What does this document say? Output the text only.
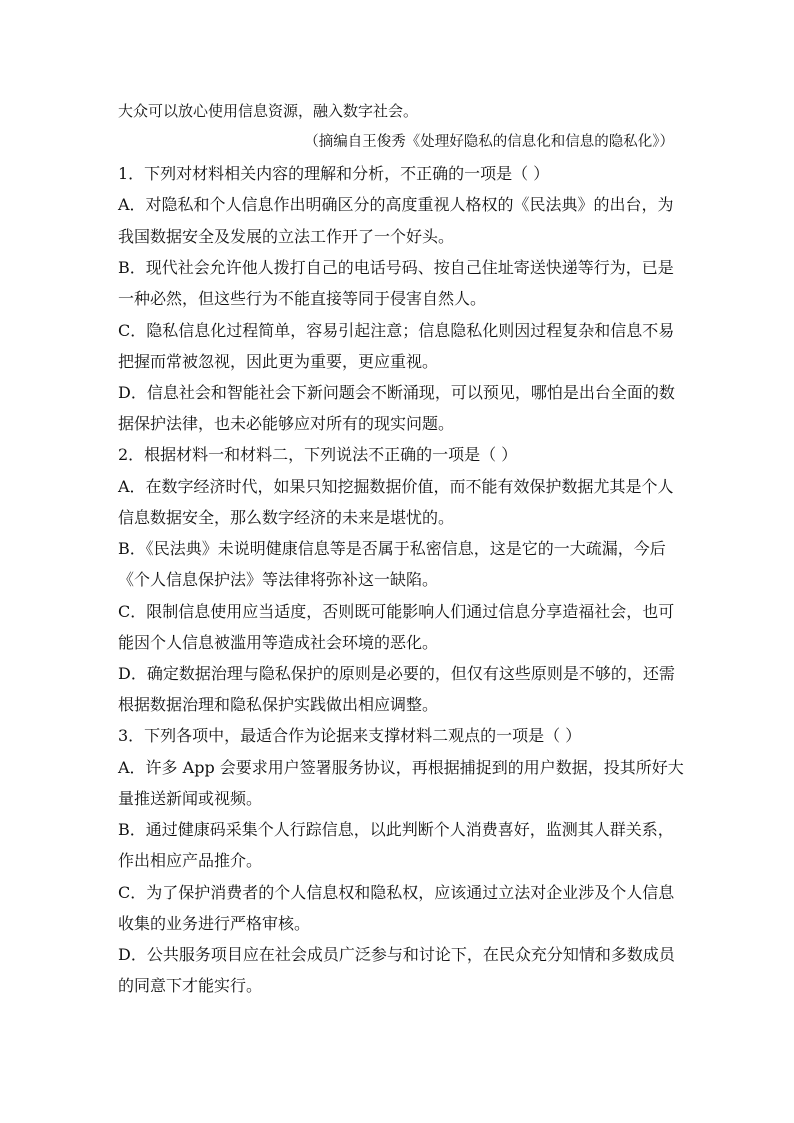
大众可以放心使用信息资源，融入数字社会。
（摘编自王俊秀《处理好隐私的信息化和信息的隐私化》）
1．下列对材料相关内容的理解和分析，不正确的一项是（ ）
A．对隐私和个人信息作出明确区分的高度重视人格权的《民法典》的出台，为
我国数据安全及发展的立法工作开了一个好头。
B．现代社会允许他人拨打自己的电话号码、按自己住址寄送快递等行为，已是
一种必然，但这些行为不能直接等同于侵害自然人。
C．隐私信息化过程简单，容易引起注意；信息隐私化则因过程复杂和信息不易
把握而常被忽视，因此更为重要，更应重视。
D．信息社会和智能社会下新问题会不断涌现，可以预见，哪怕是出台全面的数
据保护法律，也未必能够应对所有的现实问题。
2．根据材料一和材料二，下列说法不正确的一项是（ ）
A．在数字经济时代，如果只知挖掘数据价值，而不能有效保护数据尤其是个人
信息数据安全，那么数字经济的未来是堪忧的。
B．《民法典》未说明健康信息等是否属于私密信息，这是它的一大疏漏，今后
《个人信息保护法》等法律将弥补这一缺陷。
C．限制信息使用应当适度，否则既可能影响人们通过信息分享造福社会，也可
能因个人信息被滥用等造成社会环境的恶化。
D．确定数据治理与隐私保护的原则是必要的，但仅有这些原则是不够的，还需
根据数据治理和隐私保护实践做出相应调整。
3．下列各项中，最适合作为论据来支撑材料二观点的一项是（ ）
A．许多 App 会要求用户签署服务协议，再根据捕捉到的用户数据，投其所好大
量推送新闻或视频。
B．通过健康码采集个人行踪信息，以此判断个人消费喜好，监测其人群关系，
作出相应产品推介。
C．为了保护消费者的个人信息权和隐私权，应该通过立法对企业涉及个人信息
收集的业务进行严格审核。
D．公共服务项目应在社会成员广泛参与和讨论下，在民众充分知情和多数成员
的同意下才能实行。
